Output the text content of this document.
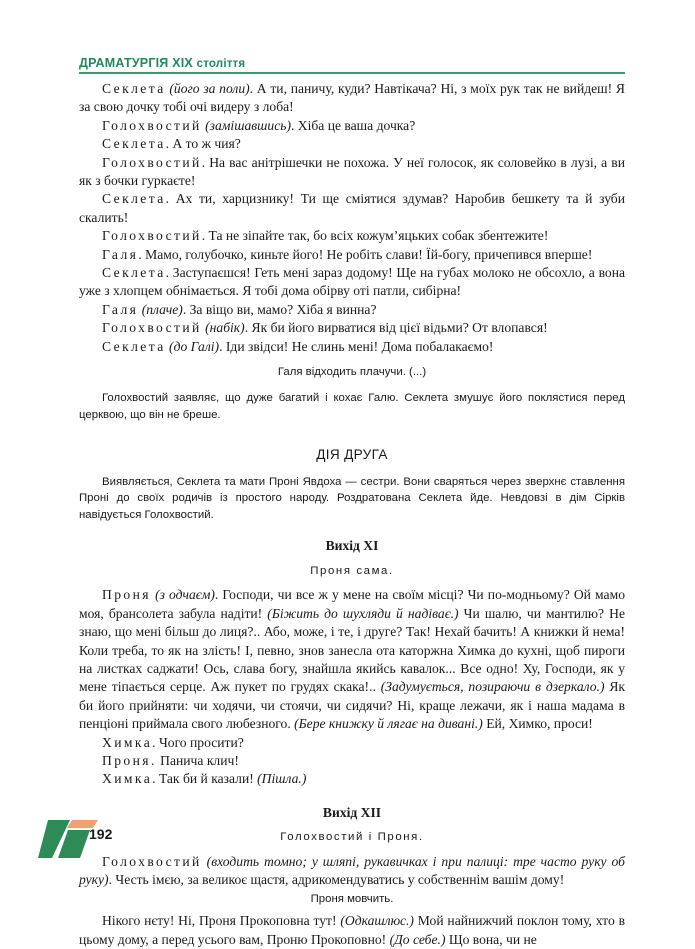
ДРАМАТУРГІЯ XIX століття

Секлета (його за поли). А ти, паничу, куди? Навтікача? Ні, з моїх рук так не вийдеш! Я за свою дочку тобі очі видеру з лоба!

Голохвостий (замішавшись). Хіба це ваша дочка?

Секлета. А то ж чия?

Голохвостий. На вас анітрішечки не похожа. У неї голосок, як соловейко в лузі, а ви як з бочки гуркаєте!

Секлета. Ах ти, харцизнику! Ти ще сміятися здумав? Наробив бешкету та й зуби скалить!

Голохвостий. Та не зіпайте так, бо всіх кожум’яцьких собак збентежите!

Галя. Мамо, голубочко, киньте його! Не робіть слави! Їй-богу, причепився вперше!

Секлета. Заступаєшся! Геть мені зараз додому! Ще на губах молоко не обсохло, а вона уже з хлопцем обнімається. Я тобі дома обірву оті патли, сибірна!

Галя (плаче). За віщо ви, мамо? Хіба я винна?

Голохвостий (набік). Як би його вирватися від цієї відьми? От влопався!

Секлета (до Галі). Іди звідси! Не слинь мені! Дома побалакаємо!

Галя відходить плачучи. (...)

Голохвостий заявляє, що дуже багатий і кохає Галю. Секлета змушує його поклястися перед церквою, що він не бреше.

ДІЯ ДРУГА

Виявляється, Секлета та мати Проні Явдоха — сестри. Вони сваряться через зверхнє ставлення Проні до своїх родичів із простого народу. Роздратована Секлета йде. Невдовзі в дім Сірків навідується Голохвостий.

Вихід XI

Проня сама.

Проня (з одчаєм). Господи, чи все ж у мене на своїм місці? Чи по-модньому? Ой мамо моя, брансолета забула надіти! (Біжить до шухляди й надіває.) Чи шалю, чи мантилю? Не знаю, що мені більш до лиця?.. Або, може, і те, і друге? Так! Нехай бачить! А книжки й нема! Коли треба, то як на злість! І, певно, знов занесла ота каторжна Химка до кухні, щоб пироги на листках саджати! Ось, слава богу, знайшла якийсь кавалок... Все одно! Ху, Господи, як у мене тіпається серце. Аж пукет по грудях скака!.. (Задумується, позираючи в дзеркало.) Як би його прийняти: чи ходячи, чи стоячи, чи сидячи? Ні, краще лежачи, як і наша мадама в пенціоні приймала свого любезного. (Бере книжку й лягає на дивані.) Ей, Химко, проси!

Химка. Чого просити?

Проня. Панича клич!

Химка. Так би й казали! (Пішла.)

Вихід XII

Голохвостий і Проня.

Голохвостий (входить томно; у шляпі, рукавичках і при палиці: тре часто руку об руку). Честь імєю, за великоє щастя, адрикомендуватись у собственнім вашім дому!

Проня мовчить.

Нікого нєту! Ні, Проня Прокоповна тут! (Одкашлюс.) Мой найнижчий поклон тому, хто в цьому дому, а перед усього вам, Проню Прокоповно! (До себе.) Що вона, чи не

192
